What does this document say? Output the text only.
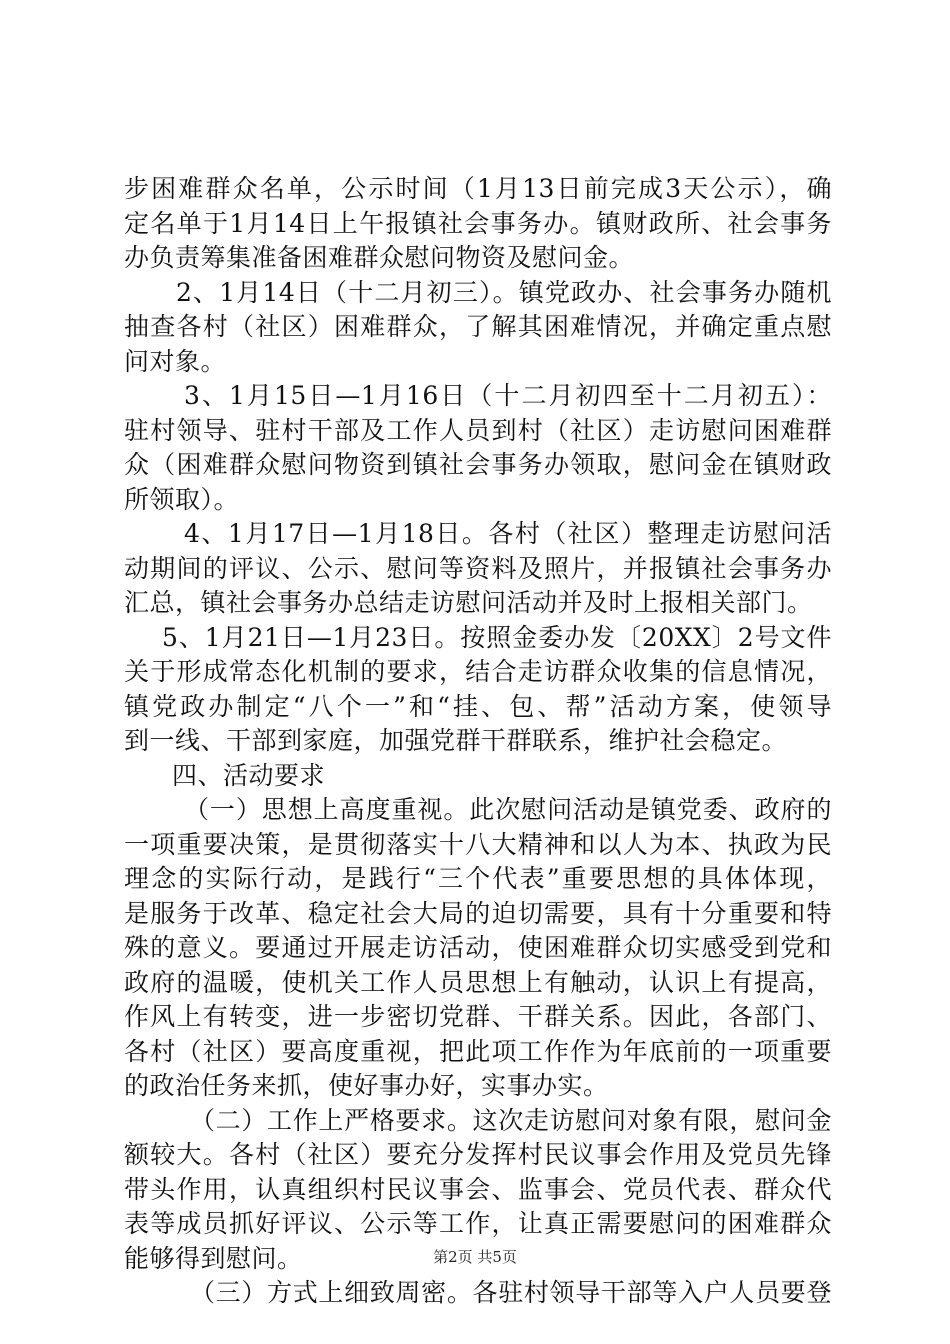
步困难群众名单，公示时间（1月13日前完成3天公示），确
定名单于1月14日上午报镇社会事务办。镇财政所、社会事务
办负责筹集准备困难群众慰问物资及慰问金。
2、1月14日（十二月初三）。镇党政办、社会事务办随机
抽查各村（社区）困难群众，了解其困难情况，并确定重点慰
问对象。
3、1月15日—1月16日（十二月初四至十二月初五）：
驻村领导、驻村干部及工作人员到村（社区）走访慰问困难群
众（困难群众慰问物资到镇社会事务办领取，慰问金在镇财政
所领取）。
4、1月17日—1月18日。各村（社区）整理走访慰问活
动期间的评议、公示、慰问等资料及照片，并报镇社会事务办
汇总，镇社会事务办总结走访慰问活动并及时上报相关部门。
5、1月21日—1月23日。按照金委办发〔20XX〕2号文件
关于形成常态化机制的要求，结合走访群众收集的信息情况，
镇党政办制定“八个一”和“挂、包、帮”活动方案，使领导
到一线、干部到家庭，加强党群干群联系，维护社会稳定。
四、活动要求
（一）思想上高度重视。此次慰问活动是镇党委、政府的
一项重要决策，是贯彻落实十八大精神和以人为本、执政为民
理念的实际行动，是践行“三个代表”重要思想的具体体现，
是服务于改革、稳定社会大局的迫切需要，具有十分重要和特
殊的意义。要通过开展走访活动，使困难群众切实感受到党和
政府的温暖，使机关工作人员思想上有触动，认识上有提高，
作风上有转变，进一步密切党群、干群关系。因此，各部门、
各村（社区）要高度重视，把此项工作作为年底前的一项重要
的政治任务来抓，使好事办好，实事办实。
（二）工作上严格要求。这次走访慰问对象有限，慰问金
额较大。各村（社区）要充分发挥村民议事会作用及党员先锋
带头作用，认真组织村民议事会、监事会、党员代表、群众代
表等成员抓好评议、公示等工作，让真正需要慰问的困难群众
能够得到慰问。
（三）方式上细致周密。各驻村领导干部等入户人员要登
第2页 共5页
